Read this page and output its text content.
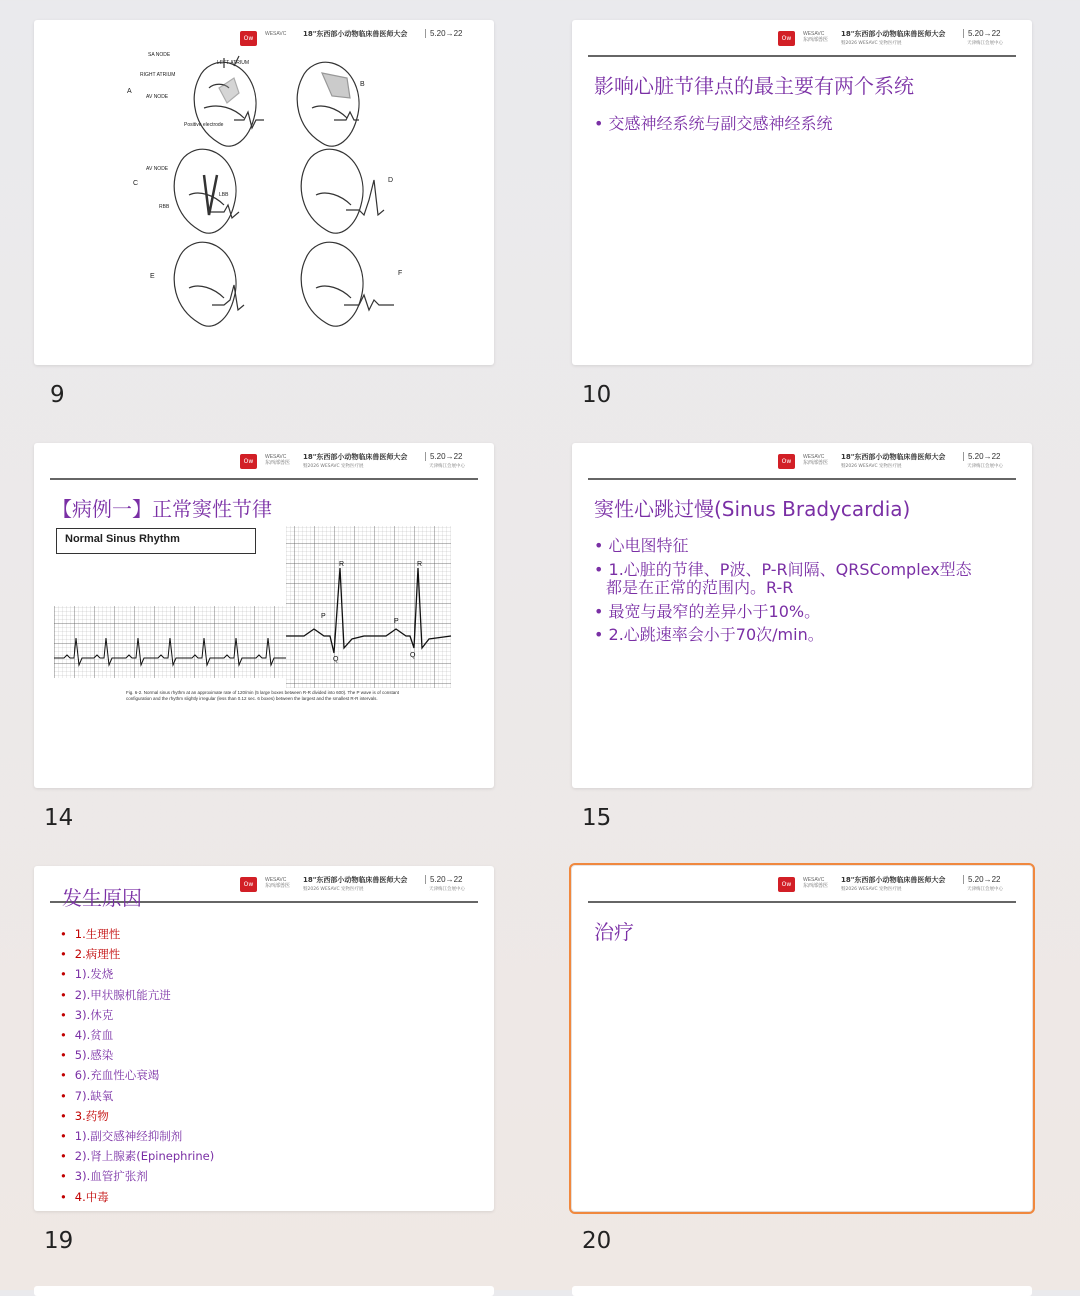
Ow
WESAVC 18"东西部小动物临床兽医师大会	5.20→22
SA NODE
LEFT ATRIUM
RIGHT ATRIUM
AV NODE
Positive electrode
AV NODE
LBB
RBB
A
B
C	D
E	F
9
Ow
WESAVC
东西部兽医
18"东西部小动物临床兽医师大会
暨2026 WESAVC 宠物医疗展
5.20→22
天津梅江会展中心
影响心脏节律点的最主要有两个系统
• 交感神经系统与副交感神经系统
10
Ow
WESAVC
东西部兽医
18"东西部小动物临床兽医师大会
暨2026 WESAVC 宠物医疗展
5.20→22
天津梅江会展中心
【病例一】正常窦性节律
Normal Sinus Rhythm
R	R
P
P
Q
Q
Fig. 6-2. Normal sinus rhythm at an approximate rate of 120/min (5 large boxes between R-R divided into 600). The P wave is of constant configuration and the rhythm slightly irregular (less than 0.12 sec. 6 boxes) between the largest and the smallest R-R intervals.
14
Ow
WESAVC
东西部兽医
18"东西部小动物临床兽医师大会
暨2026 WESAVC 宠物医疗展
5.20→22
天津梅江会展中心
窦性心跳过慢(Sinus Bradycardia)
• 心电图特征
• 1.心脏的节律、P波、P-R间隔、QRSComplex型态
都是在正常的范围内。R-R
• 最宽与最窄的差异小于10%。
• 2.心跳速率会小于70次/min。
15
Ow
WESAVC
东西部兽医
18"东西部小动物临床兽医师大会
暨2026 WESAVC 宠物医疗展
5.20→22
天津梅江会展中心
发生原因
• 1.生理性
• 2.病理性
• 1).发烧
• 2).甲状腺机能亢进
• 3).休克
• 4).贫血
• 5).感染
• 6).充血性心衰竭
• 7).缺氧
• 3.药物
• 1).副交感神经抑制剂
• 2).肾上腺素(Epinephrine)
• 3).血管扩张剂
• 4.中毒
19
Ow
WESAVC
东西部兽医
18"东西部小动物临床兽医师大会
暨2026 WESAVC 宠物医疗展
5.20→22
天津梅江会展中心
治疗
20
